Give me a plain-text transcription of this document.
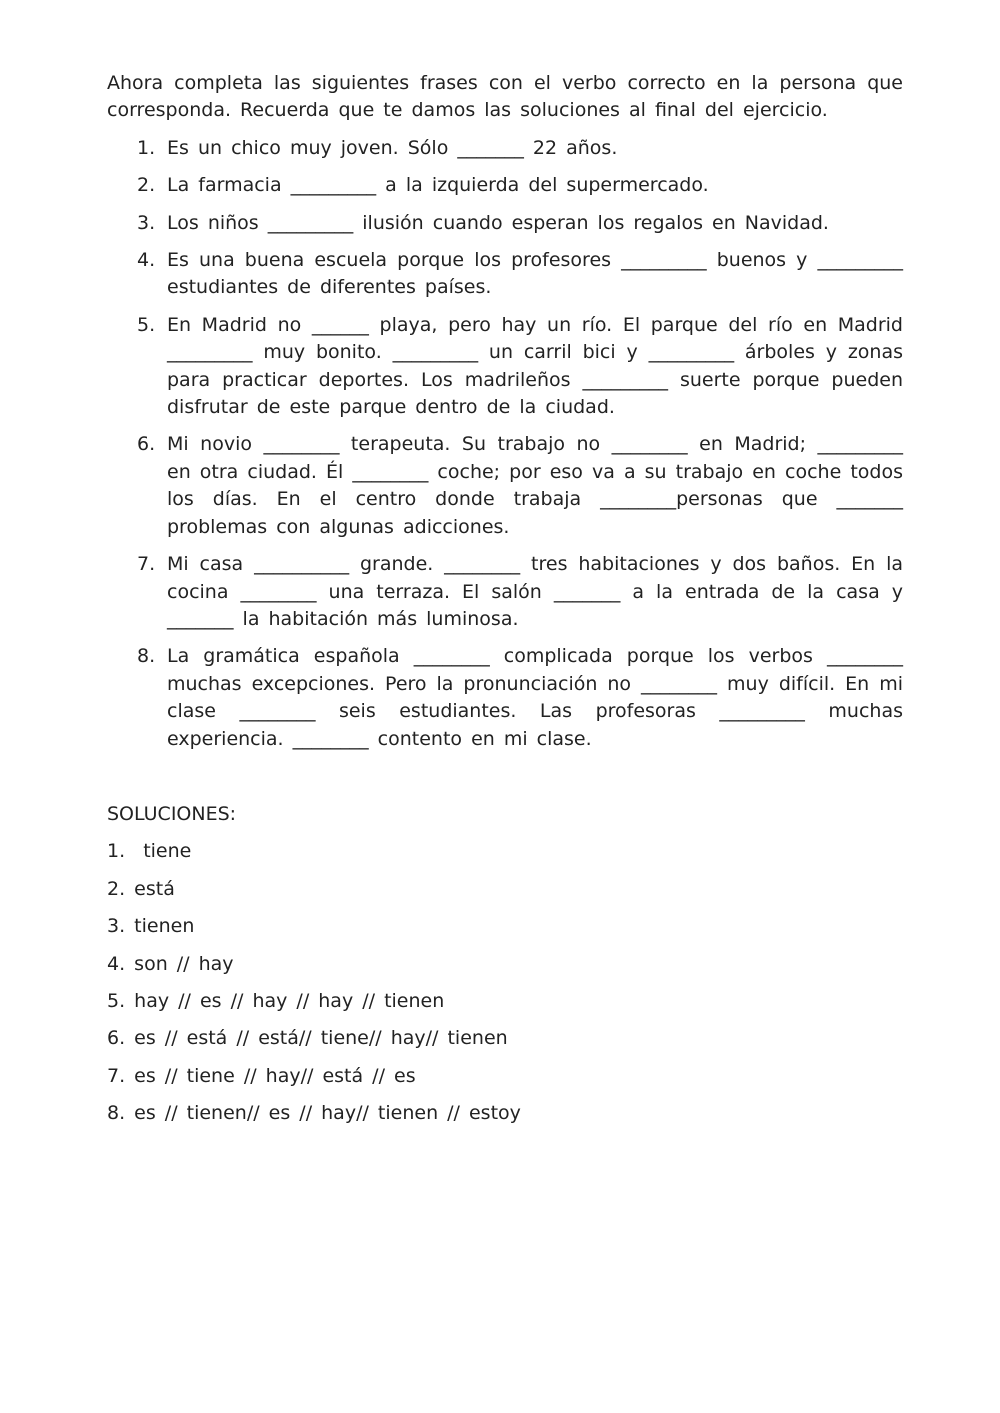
Ahora completa las siguientes frases con el verbo correcto en la persona que corresponda. Recuerda que te damos las soluciones al final del ejercicio.

1. Es un chico muy joven. Sólo _______ 22 años.
2. La farmacia _________ a la izquierda del supermercado.
3. Los niños _________ ilusión cuando esperan los regalos en Navidad.
4. Es una buena escuela porque los profesores _________ buenos y _________ estudiantes de diferentes países.
5. En Madrid no ______ playa, pero hay un río. El parque del río en Madrid _________ muy bonito. _________ un carril bici y _________ árboles y zonas para practicar deportes. Los madrileños _________ suerte porque pueden disfrutar de este parque dentro de la ciudad.
6. Mi novio ________ terapeuta. Su trabajo no ________ en Madrid; _________ en otra ciudad. Él ________ coche; por eso va a su trabajo en coche todos los días. En el centro donde trabaja ________personas que _______ problemas con algunas adicciones.
7. Mi casa __________ grande. ________ tres habitaciones y dos baños. En la cocina ________ una terraza. El salón _______ a la entrada de la casa y _______ la habitación más luminosa.
8. La gramática española ________ complicada porque los verbos ________ muchas excepciones. Pero la pronunciación no ________ muy difícil. En mi clase ________ seis estudiantes. Las profesoras _________ muchas experiencia. ________ contento en mi clase.
SOLUCIONES:
1.  tiene
2. está
3. tienen
4. son // hay
5. hay // es // hay // hay // tienen
6. es // está // está// tiene// hay// tienen
7. es // tiene // hay// está // es
8. es // tienen// es // hay// tienen // estoy
